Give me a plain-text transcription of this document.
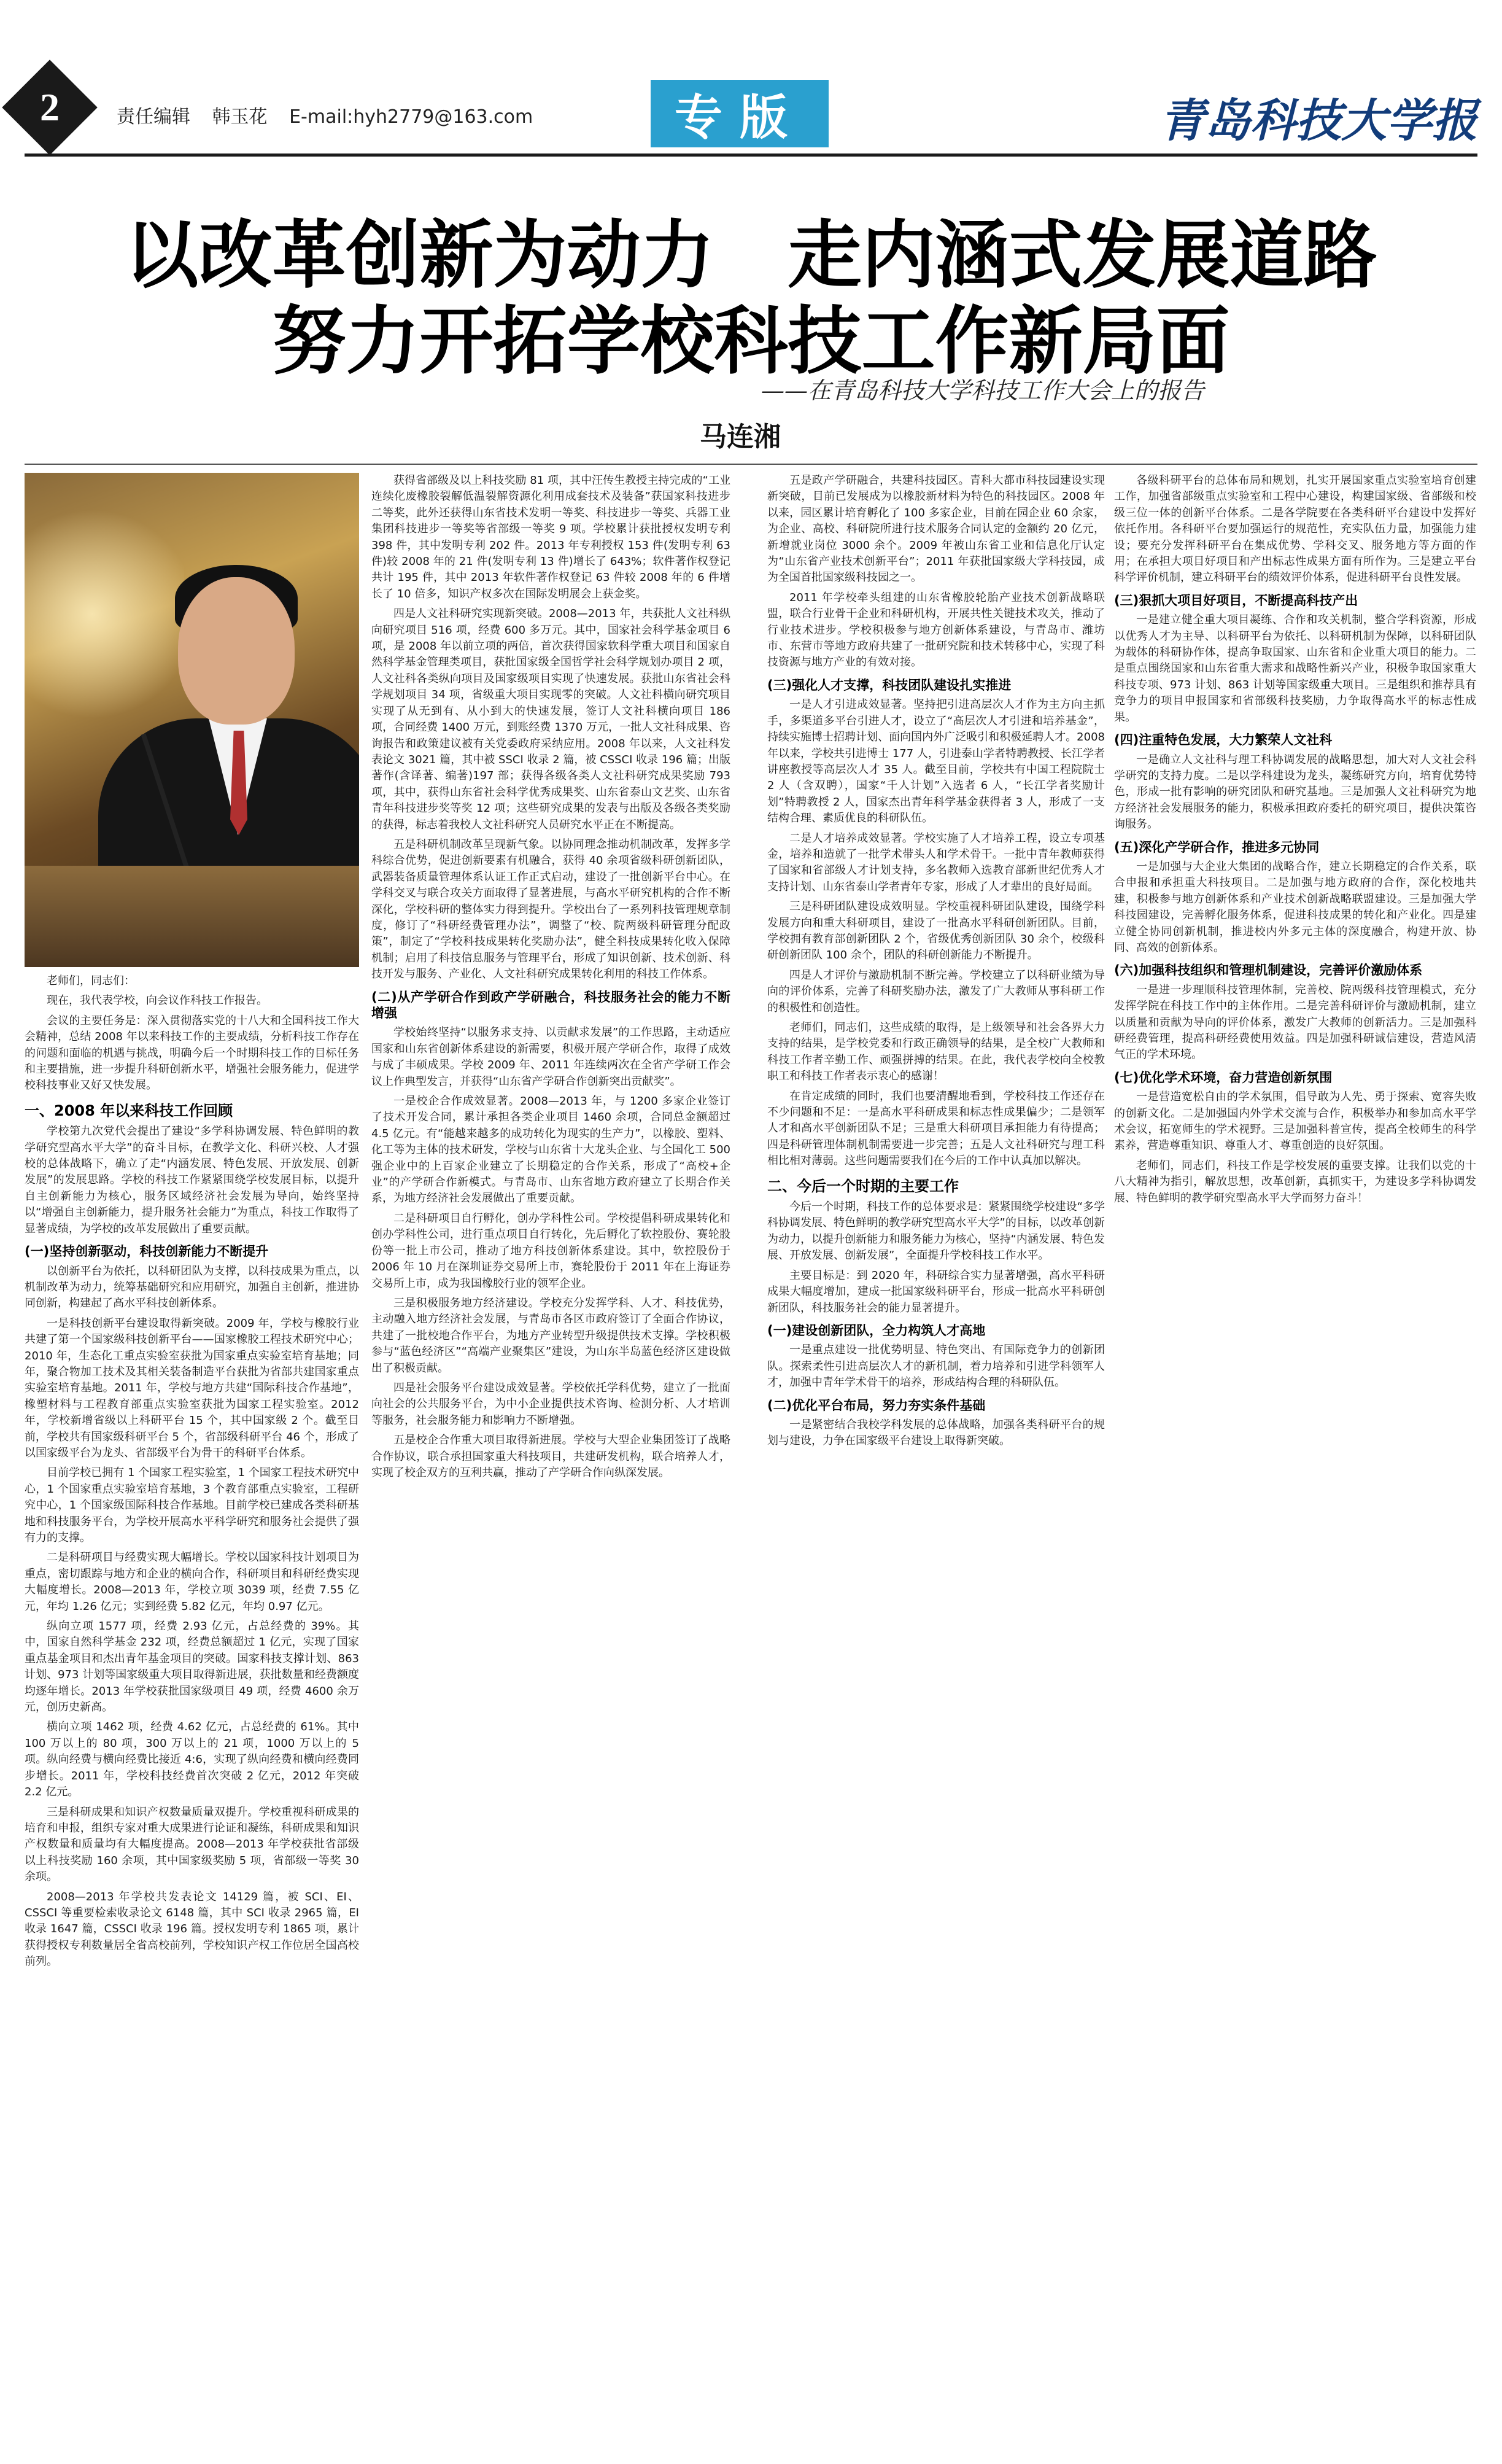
2	责任编辑 韩玉花 E-mail:hyh2779@163.com	专版	青岛科技大学报
以改革创新为动力 走内涵式发展道路
努力开拓学校科技工作新局面
——在青岛科技大学科技工作大会上的报告
马连湘

老师们，同志们：

现在，我代表学校，向会议作科技工作报告。

会议的主要任务是：深入贯彻落实党的十八大和全国科技工作大会精神，总结 2008 年以来科技工作的主要成绩，分析科技工作存在的问题和面临的机遇与挑战，明确今后一个时期科技工作的目标任务和主要措施，进一步提升科研创新水平，增强社会服务能力，促进学校科技事业又好又快发展。

一、2008 年以来科技工作回顾

学校第九次党代会提出了建设“多学科协调发展、特色鲜明的教学研究型高水平大学”的奋斗目标，在教学文化、科研兴校、人才强校的总体战略下，确立了走“内涵发展、特色发展、开放发展、创新发展”的发展思路。学校的科技工作紧紧围绕学校发展目标，以提升自主创新能力为核心，服务区域经济社会发展为导向，始终坚持以“增强自主创新能力，提升服务社会能力”为重点，科技工作取得了显著成绩，为学校的改革发展做出了重要贡献。

(一)坚持创新驱动，科技创新能力不断提升

以创新平台为依托，以科研团队为支撑，以科技成果为重点，以机制改革为动力，统筹基础研究和应用研究，加强自主创新，推进协同创新，构建起了高水平科技创新体系。

一是科技创新平台建设取得新突破。2009 年，学校与橡胶行业共建了第一个国家级科技创新平台——国家橡胶工程技术研究中心；2010 年，生态化工重点实验室获批为国家重点实验室培育基地；同年，聚合物加工技术及其相关装备制造平台获批为省部共建国家重点实验室培育基地。2011 年，学校与地方共建“国际科技合作基地”，橡塑材料与工程教育部重点实验室获批为国家工程实验室。2012 年，学校新增省级以上科研平台 15 个，其中国家级 2 个。截至目前，学校共有国家级科研平台 5 个，省部级科研平台 46 个，形成了以国家级平台为龙头、省部级平台为骨干的科研平台体系。

目前学校已拥有 1 个国家工程实验室，1 个国家工程技术研究中心，1 个国家重点实验室培育基地，3 个教育部重点实验室，工程研究中心，1 个国家级国际科技合作基地。目前学校已建成各类科研基地和科技服务平台，为学校开展高水平科学研究和服务社会提供了强有力的支撑。

二是科研项目与经费实现大幅增长。学校以国家科技计划项目为重点，密切跟踪与地方和企业的横向合作，科研项目和科研经费实现大幅度增长。2008—2013 年，学校立项 3039 项，经费 7.55 亿元，年均 1.26 亿元；实到经费 5.82 亿元，年均 0.97 亿元。

纵向立项 1577 项，经费 2.93 亿元，占总经费的 39%。其中，国家自然科学基金 232 项，经费总额超过 1 亿元，实现了国家重点基金项目和杰出青年基金项目的突破。国家科技支撑计划、863 计划、973 计划等国家级重大项目取得新进展，获批数量和经费额度均逐年增长。2013 年学校获批国家级项目 49 项，经费 4600 余万元，创历史新高。

横向立项 1462 项，经费 4.62 亿元，占总经费的 61%。其中 100 万以上的 80 项，300 万以上的 21 项，1000 万以上的 5 项。纵向经费与横向经费比接近 4:6，实现了纵向经费和横向经费同步增长。2011 年，学校科技经费首次突破 2 亿元，2012 年突破 2.2 亿元。

三是科研成果和知识产权数量质量双提升。学校重视科研成果的培育和申报，组织专家对重大成果进行论证和凝练，科研成果和知识产权数量和质量均有大幅度提高。2008—2013 年学校获批省部级以上科技奖励 160 余项，其中国家级奖励 5 项，省部级一等奖 30 余项。

2008—2013 年学校共发表论文 14129 篇，被 SCI、EI、CSSCI 等重要检索收录论文 6148 篇，其中 SCI 收录 2965 篇，EI 收录 1647 篇，CSSCI 收录 196 篇。授权发明专利 1865 项，累计获得授权专利数量居全省高校前列，学校知识产权工作位居全国高校前列。

获得省部级及以上科技奖励 81 项，其中汪传生教授主持完成的“工业连续化废橡胶裂解低温裂解资源化利用成套技术及装备”获国家科技进步二等奖，此外还获得山东省技术发明一等奖、科技进步一等奖、兵器工业集团科技进步一等奖等省部级一等奖 9 项。学校累计获批授权发明专利 398 件，其中发明专利 202 件。2013 年专利授权 153 件(发明专利 63 件)较 2008 年的 21 件(发明专利 13 件)增长了 643%；软件著作权登记共计 195 件，其中 2013 年软件著作权登记 63 件较 2008 年的 6 件增长了 10 倍多，知识产权多次在国际发明展会上获金奖。

四是人文社科研究实现新突破。2008—2013 年，共获批人文社科纵向研究项目 516 项，经费 600 多万元。其中，国家社会科学基金项目 6 项，是 2008 年以前立项的两倍，首次获得国家软科学重大项目和国家自然科学基金管理类项目，获批国家级全国哲学社会科学规划办项目 2 项，人文社科各类纵向项目及国家级项目实现了快速发展。获批山东省社会科学规划项目 34 项，省级重大项目实现零的突破。人文社科横向研究项目实现了从无到有、从小到大的快速发展，签订人文社科横向项目 186 项，合同经费 1400 万元，到账经费 1370 万元，一批人文社科成果、咨询报告和政策建议被有关党委政府采纳应用。2008 年以来，人文社科发表论文 3021 篇，其中被 SSCI 收录 2 篇，被 CSSCI 收录 196 篇；出版著作(含译著、编著)197 部；获得各级各类人文社科研究成果奖励 793 项，其中，获得山东省社会科学优秀成果奖、山东省泰山文艺奖、山东省青年科技进步奖等奖 12 项；这些研究成果的发表与出版及各级各类奖励的获得，标志着我校人文社科研究人员研究水平正在不断提高。

五是科研机制改革呈现新气象。以协同理念推动机制改革，发挥多学科综合优势，促进创新要素有机融合，获得 40 余项省级科研创新团队，武器装备质量管理体系认证工作正式启动，建设了一批创新平台中心。在学科交叉与联合攻关方面取得了显著进展，与高水平研究机构的合作不断深化，学校科研的整体实力得到提升。学校出台了一系列科技管理规章制度，修订了“科研经费管理办法”，调整了“校、院两级科研管理分配政策”，制定了“学校科技成果转化奖励办法”，健全科技成果转化收入保障机制；启用了科技信息服务与管理平台，形成了知识创新、技术创新、科技开发与服务、产业化、人文社科研究成果转化利用的科技工作体系。

(二)从产学研合作到政产学研融合，科技服务社会的能力不断增强

学校始终坚持“以服务求支持、以贡献求发展”的工作思路，主动适应国家和山东省创新体系建设的新需要，积极开展产学研合作，取得了成效与成了丰硕成果。学校 2009 年、2011 年连续两次在全省产学研工作会议上作典型发言，并获得“山东省产学研合作创新突出贡献奖”。

一是校企合作成效显著。2008—2013 年，与 1200 多家企业签订了技术开发合同，累计承担各类企业项目 1460 余项，合同总金额超过 4.5 亿元。有“能越来越多的成功转化为现实的生产力”，以橡胶、塑料、化工等为主体的技术研发，学校与山东省十大龙头企业、与全国化工 500 强企业中的上百家企业建立了长期稳定的合作关系，形成了“高校+企业”的产学研合作新模式。与青岛市、山东省地方政府建立了长期合作关系，为地方经济社会发展做出了重要贡献。

二是科研项目自行孵化，创办学科性公司。学校提倡科研成果转化和创办学科性公司，进行重点项目自行转化，先后孵化了软控股份、赛轮股份等一批上市公司，推动了地方科技创新体系建设。其中，软控股份于 2006 年 10 月在深圳证券交易所上市，赛轮股份于 2011 年在上海证券交易所上市，成为我国橡胶行业的领军企业。

三是积极服务地方经济建设。学校充分发挥学科、人才、科技优势，主动融入地方经济社会发展，与青岛市各区市政府签订了全面合作协议，共建了一批校地合作平台，为地方产业转型升级提供技术支撑。学校积极参与“蓝色经济区”“高端产业聚集区”建设，为山东半岛蓝色经济区建设做出了积极贡献。

四是社会服务平台建设成效显著。学校依托学科优势，建立了一批面向社会的公共服务平台，为中小企业提供技术咨询、检测分析、人才培训等服务，社会服务能力和影响力不断增强。

五是校企合作重大项目取得新进展。学校与大型企业集团签订了战略合作协议，联合承担国家重大科技项目，共建研发机构，联合培养人才，实现了校企双方的互利共赢，推动了产学研合作向纵深发展。

五是政产学研融合，共建科技园区。青科大都市科技园建设实现新突破，目前已发展成为以橡胶新材料为特色的科技园区。2008 年以来，园区累计培育孵化了 100 多家企业，目前在园企业 60 余家，为企业、高校、科研院所进行技术服务合同认定的金额约 20 亿元，新增就业岗位 3000 余个。2009 年被山东省工业和信息化厅认定为“山东省产业技术创新平台”；2011 年获批国家级大学科技园，成为全国首批国家级科技园之一。

2011 年学校牵头组建的山东省橡胶轮胎产业技术创新战略联盟，联合行业骨干企业和科研机构，开展共性关键技术攻关，推动了行业技术进步。学校积极参与地方创新体系建设，与青岛市、潍坊市、东营市等地方政府共建了一批研究院和技术转移中心，实现了科技资源与地方产业的有效对接。

(三)强化人才支撑，科技团队建设扎实推进

一是人才引进成效显著。坚持把引进高层次人才作为主方向主抓手，多渠道多平台引进人才，设立了“高层次人才引进和培养基金”，持续实施博士招聘计划、面向国内外广泛吸引和积极延聘人才。2008 年以来，学校共引进博士 177 人，引进泰山学者特聘教授、长江学者讲座教授等高层次人才 35 人。截至目前，学校共有中国工程院院士 2 人（含双聘），国家“千人计划”入选者 6 人，“长江学者奖励计划”特聘教授 2 人，国家杰出青年科学基金获得者 3 人，形成了一支结构合理、素质优良的科研队伍。

二是人才培养成效显著。学校实施了人才培养工程，设立专项基金，培养和造就了一批学术带头人和学术骨干。一批中青年教师获得了国家和省部级人才计划支持，多名教师入选教育部新世纪优秀人才支持计划、山东省泰山学者青年专家，形成了人才辈出的良好局面。

三是科研团队建设成效明显。学校重视科研团队建设，围绕学科发展方向和重大科研项目，建设了一批高水平科研创新团队。目前，学校拥有教育部创新团队 2 个，省级优秀创新团队 30 余个，校级科研创新团队 100 余个，团队的科研创新能力不断提升。

四是人才评价与激励机制不断完善。学校建立了以科研业绩为导向的评价体系，完善了科研奖励办法，激发了广大教师从事科研工作的积极性和创造性。

老师们，同志们，这些成绩的取得，是上级领导和社会各界大力支持的结果，是学校党委和行政正确领导的结果，是全校广大教师和科技工作者辛勤工作、顽强拼搏的结果。在此，我代表学校向全校教职工和科技工作者表示衷心的感谢！

在肯定成绩的同时，我们也要清醒地看到，学校科技工作还存在不少问题和不足：一是高水平科研成果和标志性成果偏少；二是领军人才和高水平创新团队不足；三是重大科研项目承担能力有待提高；四是科研管理体制机制需要进一步完善；五是人文社科研究与理工科相比相对薄弱。这些问题需要我们在今后的工作中认真加以解决。

二、今后一个时期的主要工作

今后一个时期，科技工作的总体要求是：紧紧围绕学校建设“多学科协调发展、特色鲜明的教学研究型高水平大学”的目标，以改革创新为动力，以提升创新能力和服务能力为核心，坚持“内涵发展、特色发展、开放发展、创新发展”，全面提升学校科技工作水平。

主要目标是：到 2020 年，科研综合实力显著增强，高水平科研成果大幅度增加，建成一批国家级科研平台，形成一批高水平科研创新团队，科技服务社会的能力显著提升。

(一)建设创新团队，全力构筑人才高地

一是重点建设一批优势明显、特色突出、有国际竞争力的创新团队。探索柔性引进高层次人才的新机制，着力培养和引进学科领军人才，加强中青年学术骨干的培养，形成结构合理的科研队伍。

(二)优化平台布局，努力夯实条件基础

一是紧密结合我校学科发展的总体战略，加强各类科研平台的规划与建设，力争在国家级平台建设上取得新突破。

各级科研平台的总体布局和规划，扎实开展国家重点实验室培育创建工作，加强省部级重点实验室和工程中心建设，构建国家级、省部级和校级三位一体的创新平台体系。二是各学院要在各类科研平台建设中发挥好依托作用。各科研平台要加强运行的规范性，充实队伍力量，加强能力建设；要充分发挥科研平台在集成优势、学科交叉、服务地方等方面的作用；在承担大项目好项目和产出标志性成果方面有所作为。三是建立平台科学评价机制，建立科研平台的绩效评价体系，促进科研平台良性发展。

(三)狠抓大项目好项目，不断提高科技产出

一是建立健全重大项目凝练、合作和攻关机制，整合学科资源，形成以优秀人才为主导、以科研平台为依托、以科研机制为保障，以科研团队为载体的科研协作体，提高争取国家、山东省和企业重大项目的能力。二是重点围绕国家和山东省重大需求和战略性新兴产业，积极争取国家重大科技专项、973 计划、863 计划等国家级重大项目。三是组织和推荐具有竞争力的项目申报国家和省部级科技奖励，力争取得高水平的标志性成果。

(四)注重特色发展，大力繁荣人文社科

一是确立人文社科与理工科协调发展的战略思想，加大对人文社会科学研究的支持力度。二是以学科建设为龙头，凝练研究方向，培育优势特色，形成一批有影响的研究团队和研究基地。三是加强人文社科研究为地方经济社会发展服务的能力，积极承担政府委托的研究项目，提供决策咨询服务。

(五)深化产学研合作，推进多元协同

一是加强与大企业大集团的战略合作，建立长期稳定的合作关系，联合申报和承担重大科技项目。二是加强与地方政府的合作，深化校地共建，积极参与地方创新体系和产业技术创新战略联盟建设。三是加强大学科技园建设，完善孵化服务体系，促进科技成果的转化和产业化。四是建立健全协同创新机制，推进校内外多元主体的深度融合，构建开放、协同、高效的创新体系。

(六)加强科技组织和管理机制建设，完善评价激励体系

一是进一步理顺科技管理体制，完善校、院两级科技管理模式，充分发挥学院在科技工作中的主体作用。二是完善科研评价与激励机制，建立以质量和贡献为导向的评价体系，激发广大教师的创新活力。三是加强科研经费管理，提高科研经费使用效益。四是加强科研诚信建设，营造风清气正的学术环境。

(七)优化学术环境，奋力营造创新氛围

一是营造宽松自由的学术氛围，倡导敢为人先、勇于探索、宽容失败的创新文化。二是加强国内外学术交流与合作，积极举办和参加高水平学术会议，拓宽师生的学术视野。三是加强科普宣传，提高全校师生的科学素养，营造尊重知识、尊重人才、尊重创造的良好氛围。

老师们，同志们，科技工作是学校发展的重要支撑。让我们以党的十八大精神为指引，解放思想，改革创新，真抓实干，为建设多学科协调发展、特色鲜明的教学研究型高水平大学而努力奋斗！
